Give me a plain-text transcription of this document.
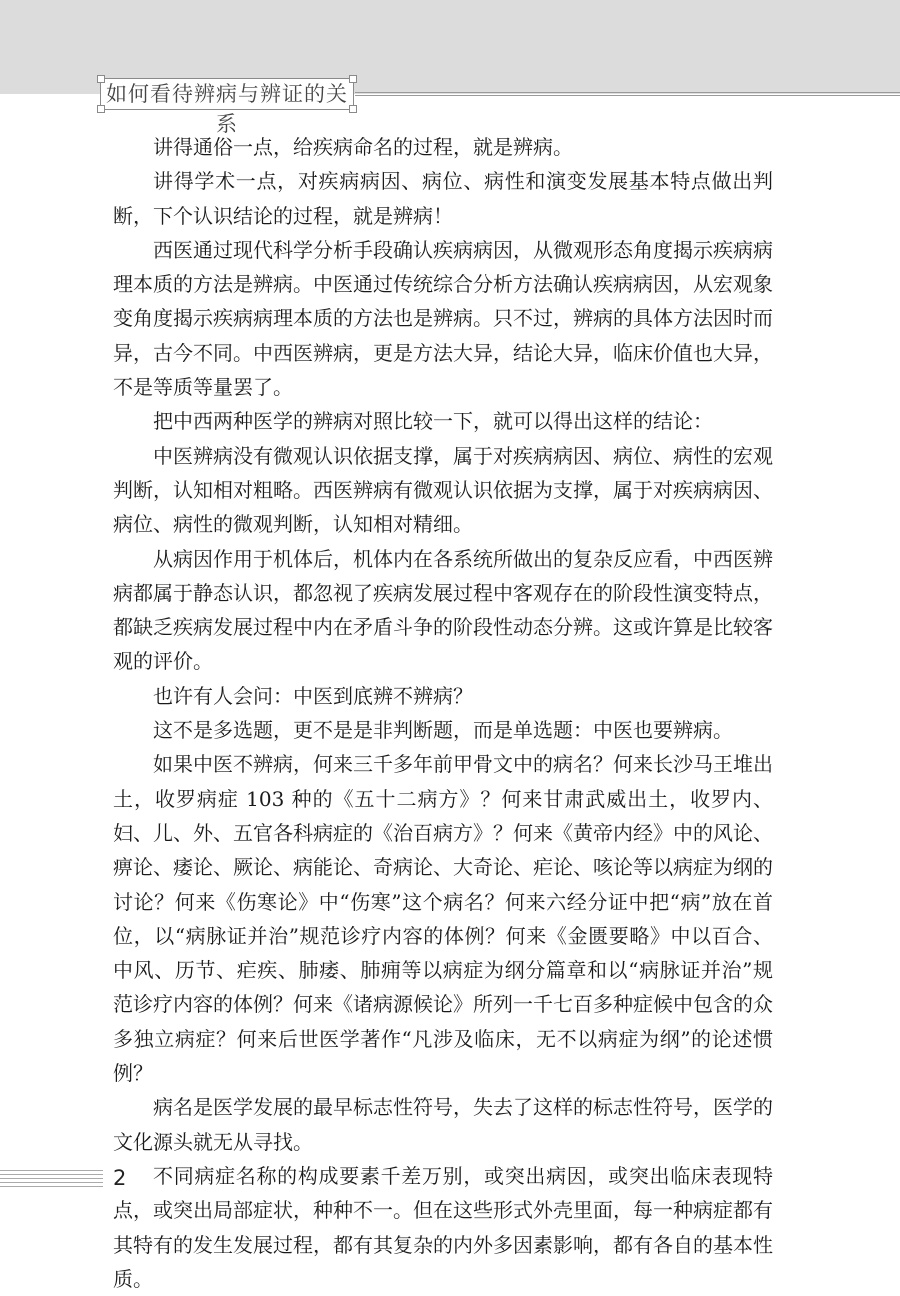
如何看待辨病与辨证的关系

讲得通俗一点，给疾病命名的过程，就是辨病。

讲得学术一点，对疾病病因、病位、病性和演变发展基本特点做出判断，下个认识结论的过程，就是辨病！

西医通过现代科学分析手段确认疾病病因，从微观形态角度揭示疾病病理本质的方法是辨病。中医通过传统综合分析方法确认疾病病因，从宏观象变角度揭示疾病病理本质的方法也是辨病。只不过，辨病的具体方法因时而异，古今不同。中西医辨病，更是方法大异，结论大异，临床价值也大异，不是等质等量罢了。

把中西两种医学的辨病对照比较一下，就可以得出这样的结论：

中医辨病没有微观认识依据支撑，属于对疾病病因、病位、病性的宏观判断，认知相对粗略。西医辨病有微观认识依据为支撑，属于对疾病病因、病位、病性的微观判断，认知相对精细。

从病因作用于机体后，机体内在各系统所做出的复杂反应看，中西医辨病都属于静态认识，都忽视了疾病发展过程中客观存在的阶段性演变特点，都缺乏疾病发展过程中内在矛盾斗争的阶段性动态分辨。这或许算是比较客观的评价。

也许有人会问：中医到底辨不辨病？

这不是多选题，更不是是非判断题，而是单选题：中医也要辨病。

如果中医不辨病，何来三千多年前甲骨文中的病名？何来长沙马王堆出土，收罗病症 103 种的《五十二病方》？何来甘肃武威出土，收罗内、妇、儿、外、五官各科病症的《治百病方》？何来《黄帝内经》中的风论、痹论、痿论、厥论、病能论、奇病论、大奇论、疟论、咳论等以病症为纲的讨论？何来《伤寒论》中“伤寒”这个病名？何来六经分证中把“病”放在首位，以“病脉证并治”规范诊疗内容的体例？何来《金匮要略》中以百合、中风、历节、疟疾、肺痿、肺痈等以病症为纲分篇章和以“病脉证并治”规范诊疗内容的体例？何来《诸病源候论》所列一千七百多种症候中包含的众多独立病症？何来后世医学著作“凡涉及临床，无不以病症为纲”的论述惯例？

病名是医学发展的最早标志性符号，失去了这样的标志性符号，医学的文化源头就无从寻找。

不同病症名称的构成要素千差万别，或突出病因，或突出临床表现特点，或突出局部症状，种种不一。但在这些形式外壳里面，每一种病症都有其特有的发生发展过程，都有其复杂的内外多因素影响，都有各自的基本性质。

2
